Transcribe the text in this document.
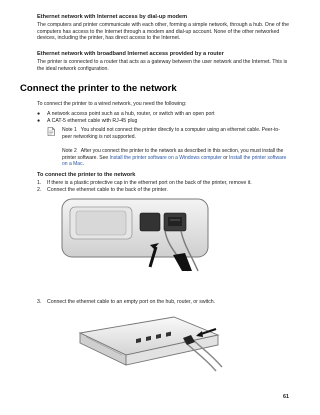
Ethernet network with Internet access by dial-up modem
The computers and printer communicate with each other, forming a simple network, through a hub. One of the computers has access to the Internet through a modem and dial-up account. None of the other networked devices, including the printer, has direct access to the Internet.
Ethernet network with broadband Internet access provided by a router
The printer is connected to a router that acts as a gateway between the user network and the Internet. This is the ideal network configuration.
Connect the printer to the network
To connect the printer to a wired network, you need the following:
● A network access point such as a hub, router, or switch with an open port
● A CAT-5 ethernet cable with RJ-45 plug
Note 1 You should not connect the printer directly to a computer using an ethernet cable. Peer-to-peer networking is not supported.
Note 2 After you connect the printer to the network as described in this section, you must install the printer software. See Install the printer software on a Windows computer or Install the printer software on a Mac.
To connect the printer to the network
1. If there is a plastic protective cap in the ethernet port on the back of the printer, remove it.
2. Connect the ethernet cable to the back of the printer.
3. Connect the ethernet cable to an empty port on the hub, router, or switch.
61
